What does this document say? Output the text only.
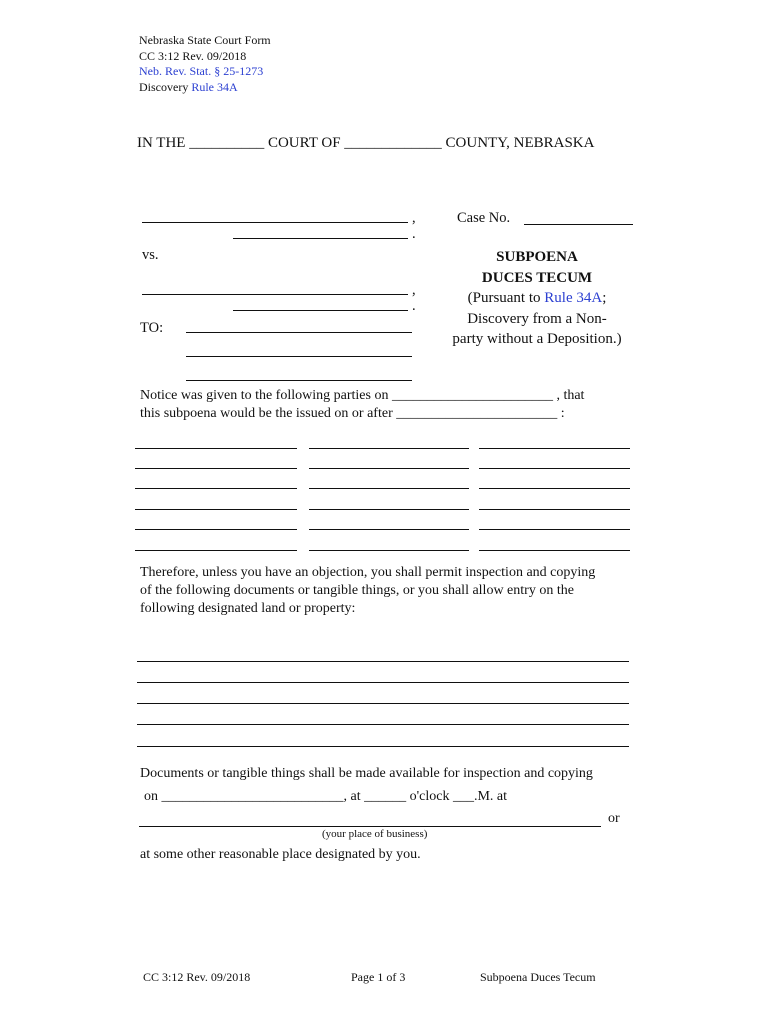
Nebraska State Court Form
CC 3:12 Rev. 09/2018
Neb. Rev. Stat. § 25-1273
Discovery Rule 34A
IN THE __________ COURT OF _____________ COUNTY, NEBRASKA
,
.
vs.
,
.
TO:
Case No.
SUBPOENA
DUCES TECUM
(Pursuant to Rule 34A;
Discovery from a Non-
party without a Deposition.)
Notice was given to the following parties on _______________________ , that
this subpoena would be the issued on or after _______________________ :
Therefore, unless you have an objection, you shall permit inspection and copying
of the following documents or tangible things, or you shall allow entry on the
following designated land or property:
Documents or tangible things shall be made available for inspection and copying
on __________________________, at ______ o'clock ___.M. at
or
(your place of business)
at some other reasonable place designated by you.
CC 3:12 Rev. 09/2018	Page 1 of 3	Subpoena Duces Tecum
